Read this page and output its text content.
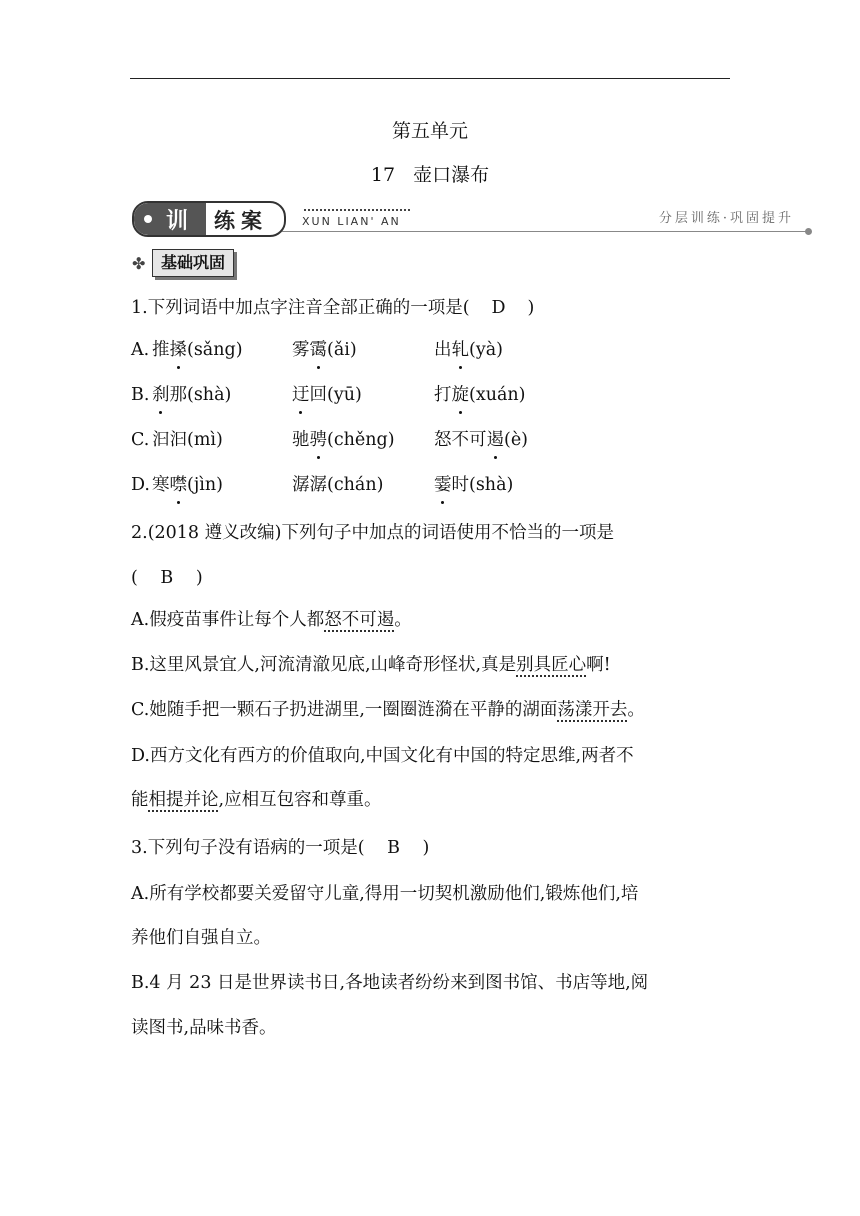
第五单元
17 壶口瀑布
训 练案	XUN LIAN' AN	分层训练·巩固提升
✤ 基础巩固
1.下列词语中加点字注音全部正确的一项是( D )
A. 推搡(sǎng)	雾霭(ǎi)	出轧(yà)
B. 刹那(shà)	迂回(yū)	打旋(xuán)
C. 汩汩(mì)	驰骋(chěng) 怒不可遏(è)
D. 寒噤(jìn)	潺潺(chán)	霎时(shà)
2.(2018 遵义改编)下列句子中加点的词语使用不恰当的一项是
( B )
A.假疫苗事件让每个人都怒不可遏。
B.这里风景宜人,河流清澈见底,山峰奇形怪状,真是别具匠心啊!
C.她随手把一颗石子扔进湖里,一圈圈涟漪在平静的湖面荡漾开去。
D.西方文化有西方的价值取向,中国文化有中国的特定思维,两者不
能相提并论,应相互包容和尊重。
3.下列句子没有语病的一项是( B )
A.所有学校都要关爱留守儿童,得用一切契机激励他们,锻炼他们,培
养他们自强自立。
B.4 月 23 日是世界读书日,各地读者纷纷来到图书馆、书店等地,阅
读图书,品味书香。
